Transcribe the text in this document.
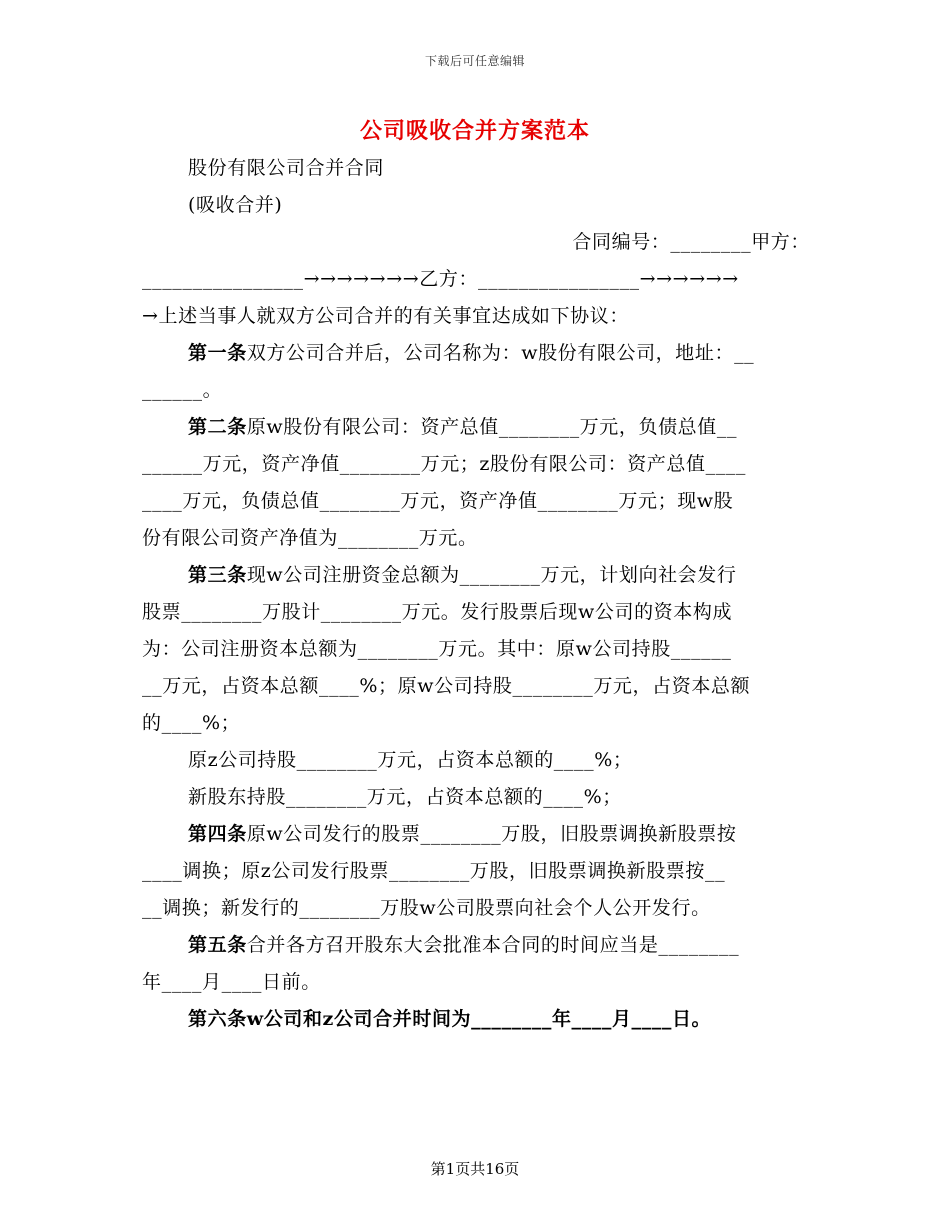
下载后可任意编辑
公司吸收合并方案范本
股份有限公司合并合同
(吸收合并)
合同编号：________甲方：
________________→→→→→→→乙方：________________→→→→→→
→上述当事人就双方公司合并的有关事宜达成如下协议：
第一条双方公司合并后，公司名称为：w股份有限公司，地址：__
______。
第二条原w股份有限公司：资产总值________万元，负债总值__
______万元，资产净值________万元；z股份有限公司：资产总值____
____万元，负债总值________万元，资产净值________万元；现w股
份有限公司资产净值为________万元。
第三条现w公司注册资金总额为________万元，计划向社会发行
股票________万股计________万元。发行股票后现w公司的资本构成
为：公司注册资本总额为________万元。其中：原w公司持股______
__万元，占资本总额____%；原w公司持股________万元，占资本总额
的____%；
原z公司持股________万元，占资本总额的____%；
新股东持股________万元，占资本总额的____%；
第四条原w公司发行的股票________万股，旧股票调换新股票按
____调换；原z公司发行股票________万股，旧股票调换新股票按__
__调换；新发行的________万股w公司股票向社会个人公开发行。
第五条合并各方召开股东大会批准本合同的时间应当是________
年____月____日前。
第六条w公司和z公司合并时间为________年____月____日。
第1页共16页
